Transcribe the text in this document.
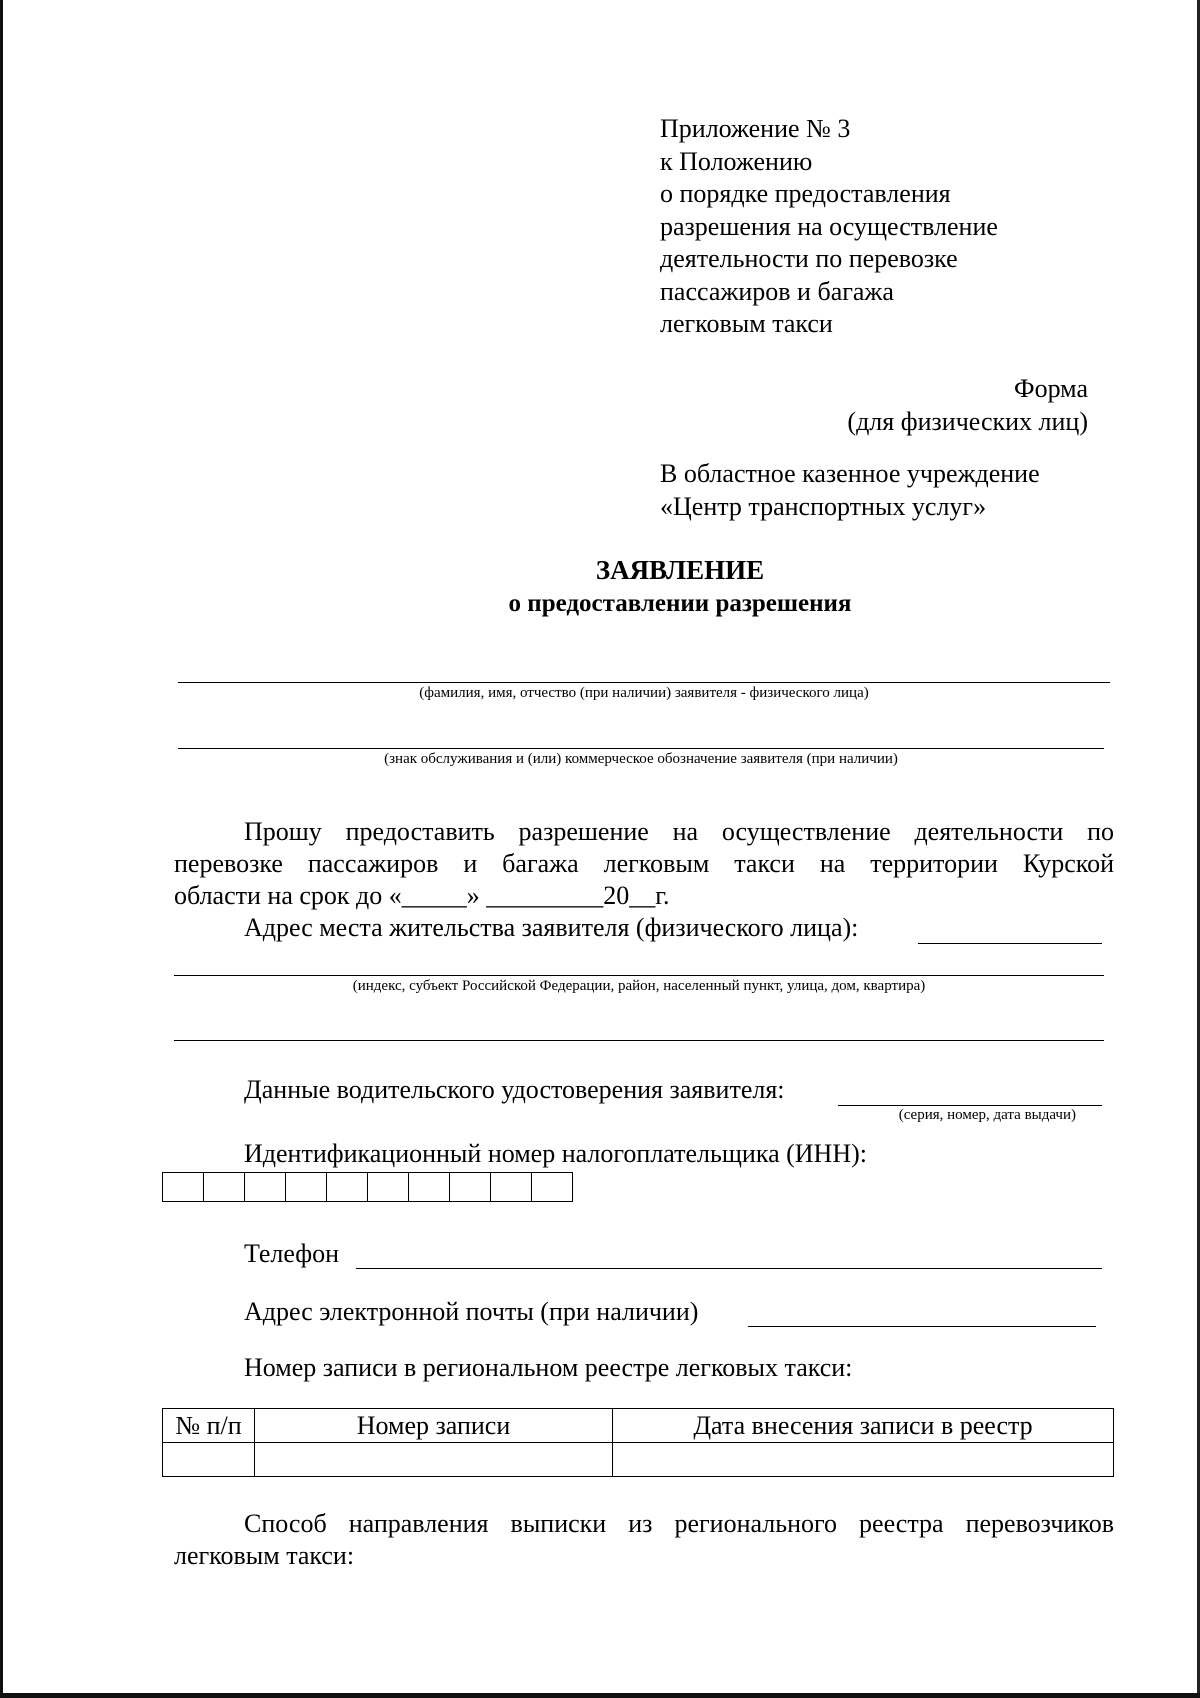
Приложение № 3
к Положению
о порядке предоставления
разрешения на осуществление
деятельности по перевозке
пассажиров и багажа
легковым такси
Форма
(для физических лиц)
В областное казенное учреждение
«Центр транспортных услуг»
ЗАЯВЛЕНИЕ
о предоставлении разрешения
(фамилия, имя, отчество (при наличии) заявителя - физического лица)
(знак обслуживания и (или) коммерческое обозначение заявителя (при наличии)
Прошу предоставить разрешение на осуществление деятельности по
перевозке пассажиров и багажа легковым такси на территории Курской
области на срок до «_____» _________20__г.
Адрес места жительства заявителя (физического лица):
(индекс, субъект Российской Федерации, район, населенный пункт, улица, дом, квартира)
Данные водительского удостоверения заявителя:
(серия, номер, дата выдачи)
Идентификационный номер налогоплательщика (ИНН):

Телефон
Адрес электронной почты (при наличии)
Номер записи в региональном реестре легковых такси:
№ п/п	Номер записи	Дата внесения записи в реестр

Способ направления выписки из регионального реестра перевозчиков
легковым такси:
